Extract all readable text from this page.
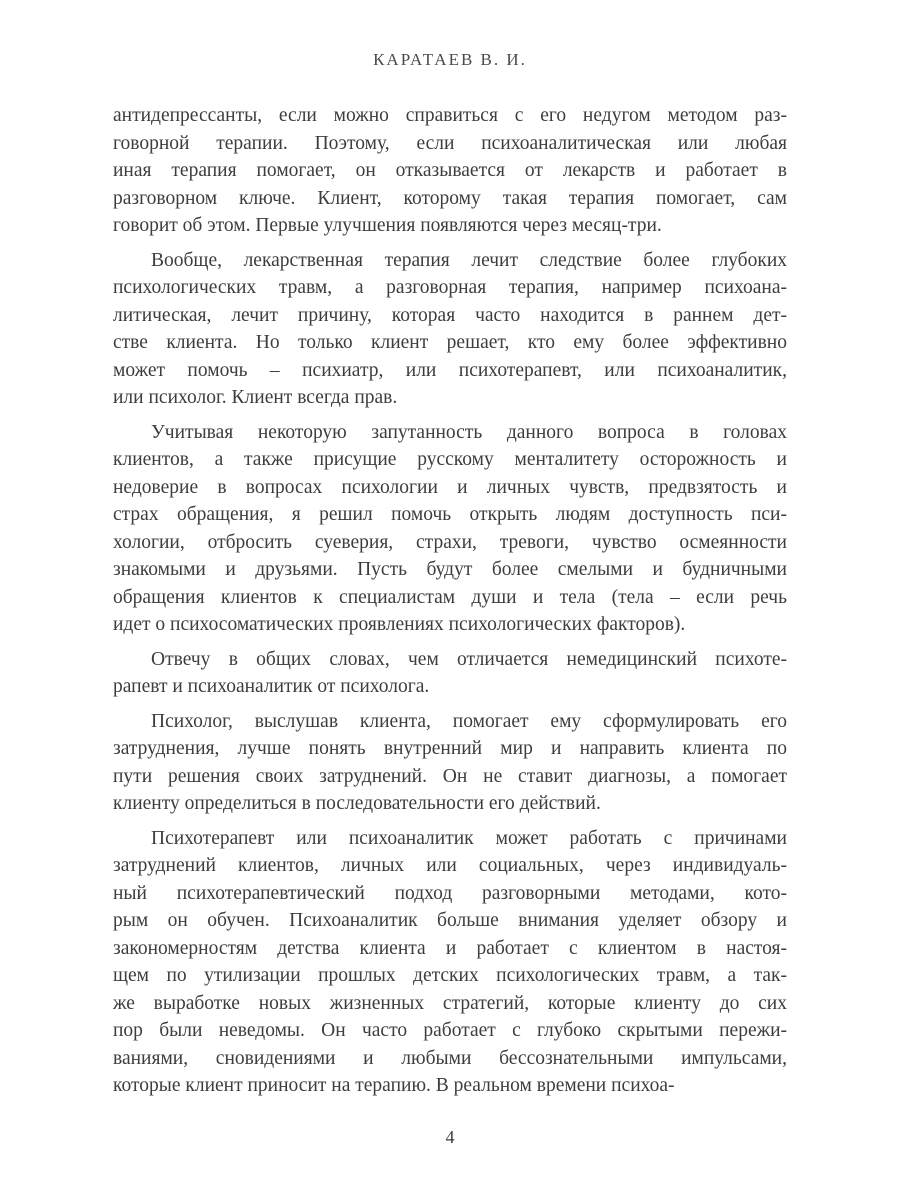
КАРАТАЕВ В. И.
антидепрессанты, если можно справиться с его недугом методом раз-
говорной терапии. Поэтому, если психоаналитическая или любая
иная терапия помогает, он отказывается от лекарств и работает в
разговорном ключе. Клиент, которому такая терапия помогает, сам
говорит об этом. Первые улучшения появляются через месяц-три.
Вообще, лекарственная терапия лечит следствие более глубоких
психологических травм, а разговорная терапия, например психоана-
литическая, лечит причину, которая часто находится в раннем дет-
стве клиента. Но только клиент решает, кто ему более эффективно
может помочь – психиатр, или психотерапевт, или психоаналитик,
или психолог. Клиент всегда прав.
Учитывая некоторую запутанность данного вопроса в головах
клиентов, а также присущие русскому менталитету осторожность и
недоверие в вопросах психологии и личных чувств, предвзятость и
страх обращения, я решил помочь открыть людям доступность пси-
хологии, отбросить суеверия, страхи, тревоги, чувство осмеянности
знакомыми и друзьями. Пусть будут более смелыми и будничными
обращения клиентов к специалистам души и тела (тела – если речь
идет о психосоматических проявлениях психологических факторов).
Отвечу в общих словах, чем отличается немедицинский психоте-
рапевт и психоаналитик от психолога.
Психолог, выслушав клиента, помогает ему сформулировать его
затруднения, лучше понять внутренний мир и направить клиента по
пути решения своих затруднений. Он не ставит диагнозы, а помогает
клиенту определиться в последовательности его действий.
Психотерапевт или психоаналитик может работать с причинами
затруднений клиентов, личных или социальных, через индивидуаль-
ный психотерапевтический подход разговорными методами, кото-
рым он обучен. Психоаналитик больше внимания уделяет обзору и
закономерностям детства клиента и работает с клиентом в настоя-
щем по утилизации прошлых детских психологических травм, а так-
же выработке новых жизненных стратегий, которые клиенту до сих
пор были неведомы. Он часто работает с глубоко скрытыми пережи-
ваниями, сновидениями и любыми бессознательными импульсами,
которые клиент приносит на терапию. В реальном времени психоа-
4
